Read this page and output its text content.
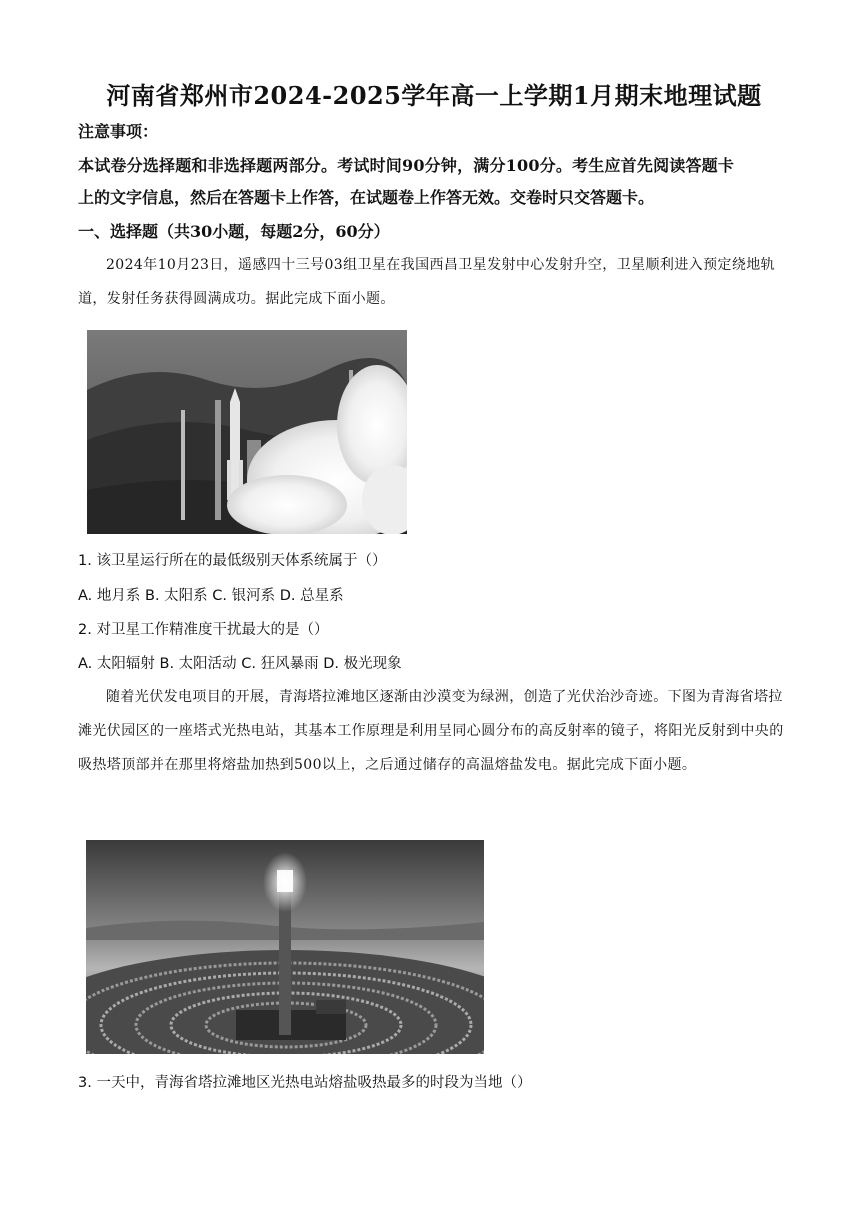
河南省郑州市2024-2025学年高一上学期1月期末地理试题
注意事项：
本试卷分选择题和非选择题两部分。考试时间90分钟，满分100分。考生应首先阅读答题卡
上的文字信息，然后在答题卡上作答，在试题卷上作答无效。交卷时只交答题卡。
一、选择题（共30小题，每题2分，60分）
2024年10月23日，遥感四十三号03组卫星在我国西昌卫星发射中心发射升空，卫星顺利进入预定绕地轨道，发射任务获得圆满成功。据此完成下面小题。
1. 该卫星运行所在的最低级别天体系统属于（）
A. 地月系 B. 太阳系 C. 银河系 D. 总星系
2. 对卫星工作精准度干扰最大的是（）
A. 太阳辐射 B. 太阳活动 C. 狂风暴雨 D. 极光现象
随着光伏发电项目的开展，青海塔拉滩地区逐渐由沙漠变为绿洲，创造了光伏治沙奇迹。下图为青海省塔拉滩光伏园区的一座塔式光热电站，其基本工作原理是利用呈同心圆分布的高反射率的镜子，将阳光反射到中央的吸热塔顶部并在那里将熔盐加热到500以上，之后通过储存的高温熔盐发电。据此完成下面小题。
3. 一天中，青海省塔拉滩地区光热电站熔盐吸热最多的时段为当地（）
